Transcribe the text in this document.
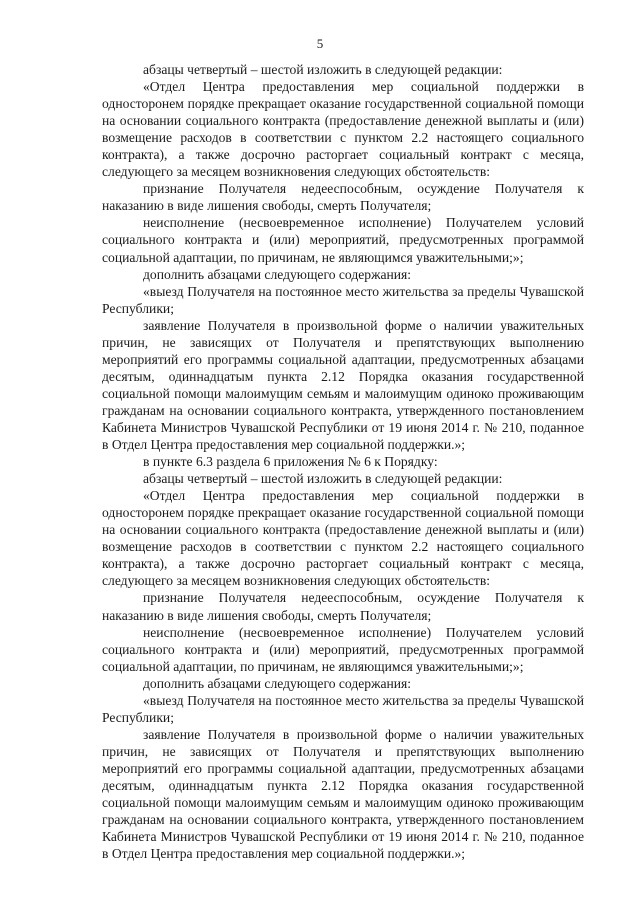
5

абзацы четвертый – шестой изложить в следующей редакции:

«Отдел Центра предоставления мер социальной поддержки в односторонем порядке прекращает оказание государственной социальной помощи на основании социального контракта (предоставление денежной выплаты и (или) возмещение расходов в соответствии с пунктом 2.2 настоящего социального контракта), а также досрочно расторгает социальный контракт с месяца, следующего за месяцем возникновения следующих обстоятельств:

признание Получателя недееспособным, осуждение Получателя к наказанию в виде лишения свободы, смерть Получателя;

неисполнение (несвоевременное исполнение) Получателем условий социального контракта и (или) мероприятий, предусмотренных программой социальной адаптации, по причинам, не являющимся уважительными;»;

дополнить абзацами следующего содержания:

«выезд Получателя на постоянное место жительства за пределы Чувашской Республики;

заявление Получателя в произвольной форме о наличии уважительных причин, не зависящих от Получателя и препятствующих выполнению мероприятий его программы социальной адаптации, предусмотренных абзацами десятым, одиннадцатым пункта 2.12 Порядка оказания государственной социальной помощи малоимущим семьям и малоимущим одиноко проживающим гражданам на основании социального контракта, утвержденного постановлением Кабинета Министров Чувашской Республики от 19 июня 2014 г. № 210, поданное в Отдел Центра предоставления мер социальной поддержки.»;

в пункте 6.3 раздела 6 приложения № 6 к Порядку:

абзацы четвертый – шестой изложить в следующей редакции:

«Отдел Центра предоставления мер социальной поддержки в односторонем порядке прекращает оказание государственной социальной помощи на основании социального контракта (предоставление денежной выплаты и (или) возмещение расходов в соответствии с пунктом 2.2 настоящего социального контракта), а также досрочно расторгает социальный контракт с месяца, следующего за месяцем возникновения следующих обстоятельств:

признание Получателя недееспособным, осуждение Получателя к наказанию в виде лишения свободы, смерть Получателя;

неисполнение (несвоевременное исполнение) Получателем условий социального контракта и (или) мероприятий, предусмотренных программой социальной адаптации, по причинам, не являющимся уважительными;»;

дополнить абзацами следующего содержания:

«выезд Получателя на постоянное место жительства за пределы Чувашской Республики;

заявление Получателя в произвольной форме о наличии уважительных причин, не зависящих от Получателя и препятствующих выполнению мероприятий его программы социальной адаптации, предусмотренных абзацами десятым, одиннадцатым пункта 2.12 Порядка оказания государственной социальной помощи малоимущим семьям и малоимущим одиноко проживающим гражданам на основании социального контракта, утвержденного постановлением Кабинета Министров Чувашской Республики от 19 июня 2014 г. № 210, поданное в Отдел Центра предоставления мер социальной поддержки.»;
